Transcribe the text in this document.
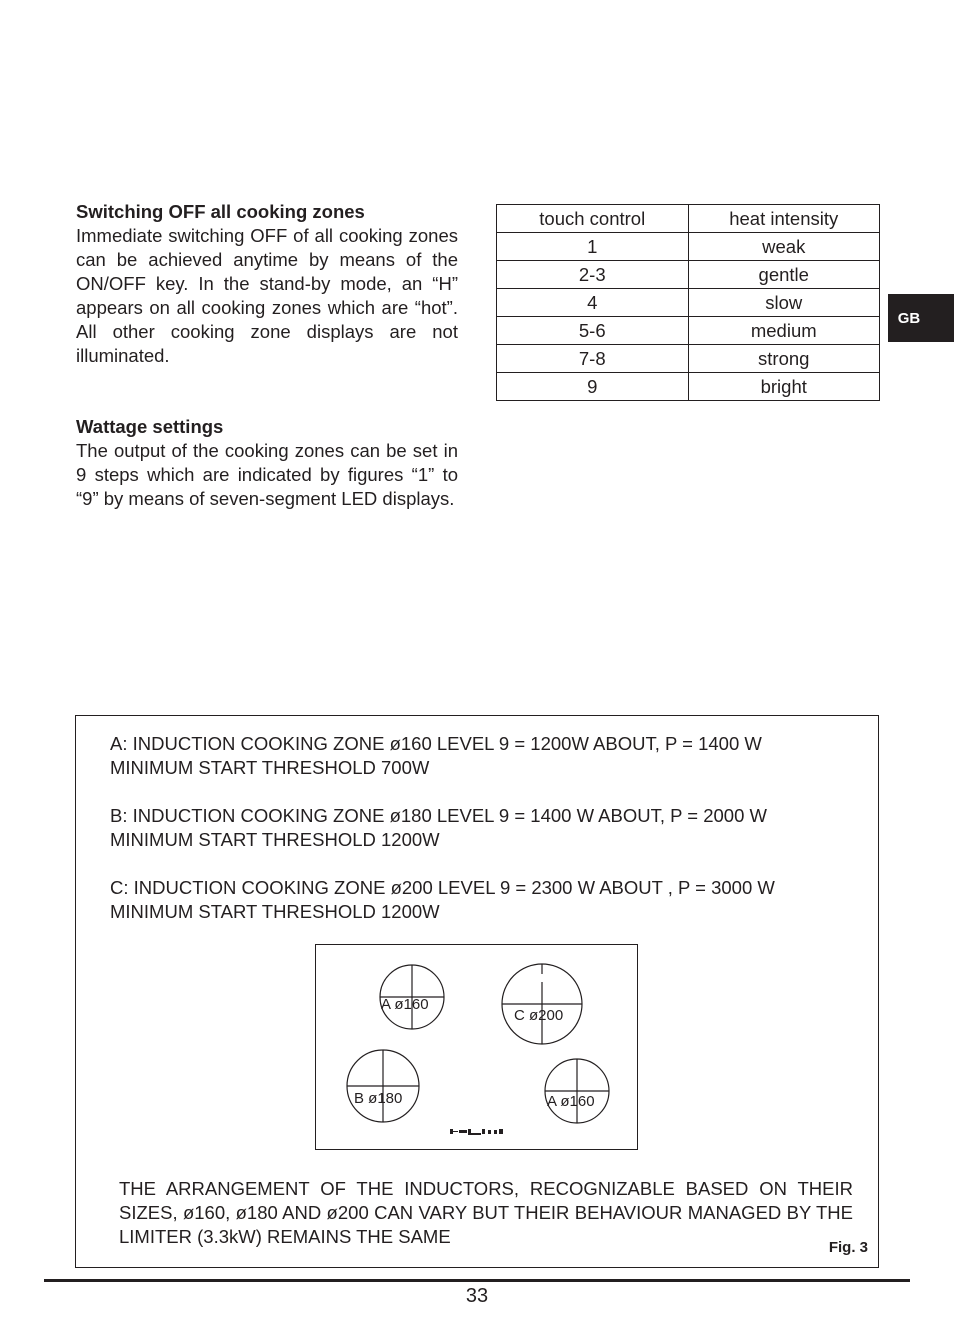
Switching OFF all cooking zones

Immediate switching OFF of all cooking zones can be achieved anytime by means of the ON/OFF key. In the stand-by mode, an “H” appears on all cooking zones which are “hot”. All other cooking zone displays are not illuminated.

Wattage settings

The output of the cooking zones can be set in 9 steps which are indicated by figures “1” to “9” by means of seven-segment LED displays.

touch control	heat intensity
1	weak
2-3	gentle
4	slow
5-6	medium
7-8	strong
9	bright
GB
A: INDUCTION COOKING ZONE ø160 LEVEL 9 = 1200W ABOUT, P = 1400 W
MINIMUM START THRESHOLD 700W
B: INDUCTION COOKING ZONE ø180 LEVEL 9 = 1400 W ABOUT, P = 2000 W
MINIMUM START THRESHOLD 1200W
C: INDUCTION COOKING ZONE ø200 LEVEL 9 = 2300 W ABOUT , P = 3000 W
MINIMUM START THRESHOLD 1200W
A ø160
C ø200
B ø180	A ø160
THE ARRANGEMENT OF THE INDUCTORS, RECOGNIZABLE BASED ON THEIR SIZES, ø160, ø180 AND ø200 CAN VARY BUT THEIR BEHAVIOUR MANAGED BY THE LIMITER (3.3kW) REMAINS THE SAME
Fig. 3
33
